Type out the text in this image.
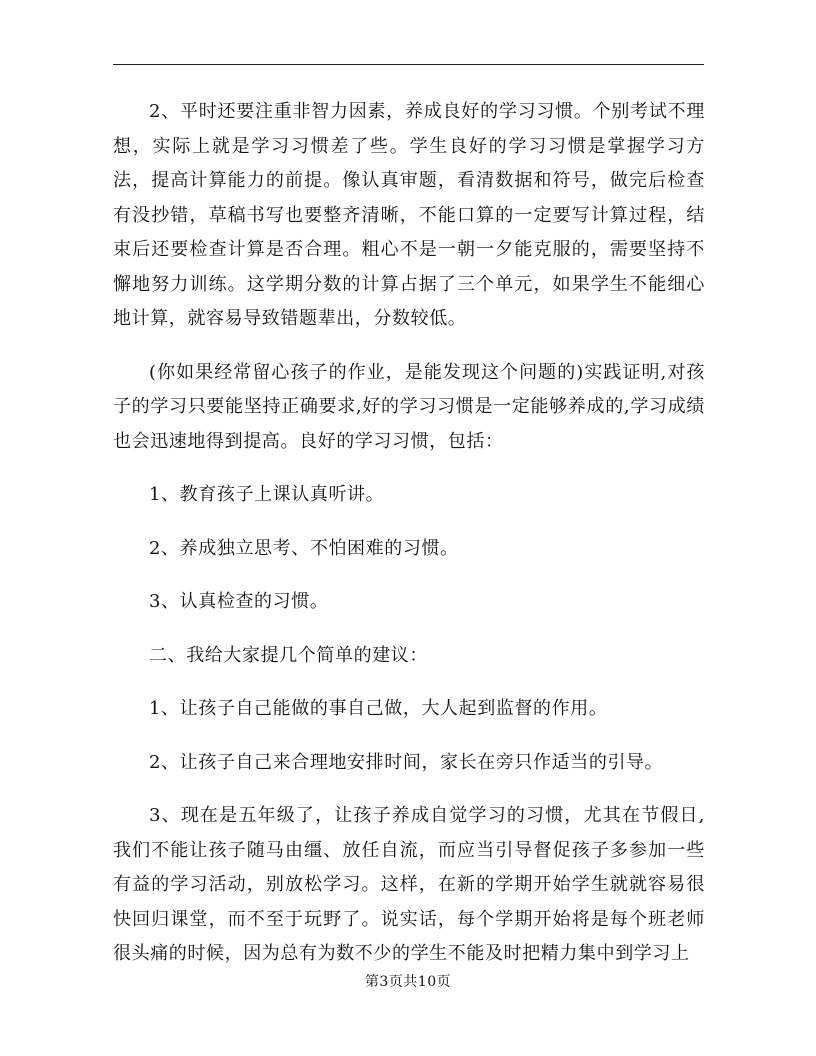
2、平时还要注重非智力因素，养成良好的学习习惯。个别考试不理想，实际上就是学习习惯差了些。学生良好的学习习惯是掌握学习方法，提高计算能力的前提。像认真审题，看清数据和符号，做完后检查有没抄错，草稿书写也要整齐清晰，不能口算的一定要写计算过程，结束后还要检查计算是否合理。粗心不是一朝一夕能克服的，需要坚持不懈地努力训练。这学期分数的计算占据了三个单元，如果学生不能细心地计算，就容易导致错题辈出，分数较低。

(你如果经常留心孩子的作业，是能发现这个问题的)实践证明,对孩子的学习只要能坚持正确要求,好的学习习惯是一定能够养成的,学习成绩也会迅速地得到提高。良好的学习习惯，包括：

1、教育孩子上课认真听讲。

2、养成独立思考、不怕困难的习惯。

3、认真检查的习惯。

二、我给大家提几个简单的建议：

1、让孩子自己能做的事自己做，大人起到监督的作用。

2、让孩子自己来合理地安排时间，家长在旁只作适当的引导。

3、现在是五年级了，让孩子养成自觉学习的习惯，尤其在节假日,我们不能让孩子随马由缰、放任自流，而应当引导督促孩子多参加一些有益的学习活动，别放松学习。这样，在新的学期开始学生就就容易很快回归课堂，而不至于玩野了。说实话，每个学期开始将是每个班老师很头痛的时候，因为总有为数不少的学生不能及时把精力集中到学习上

第3页共10页
